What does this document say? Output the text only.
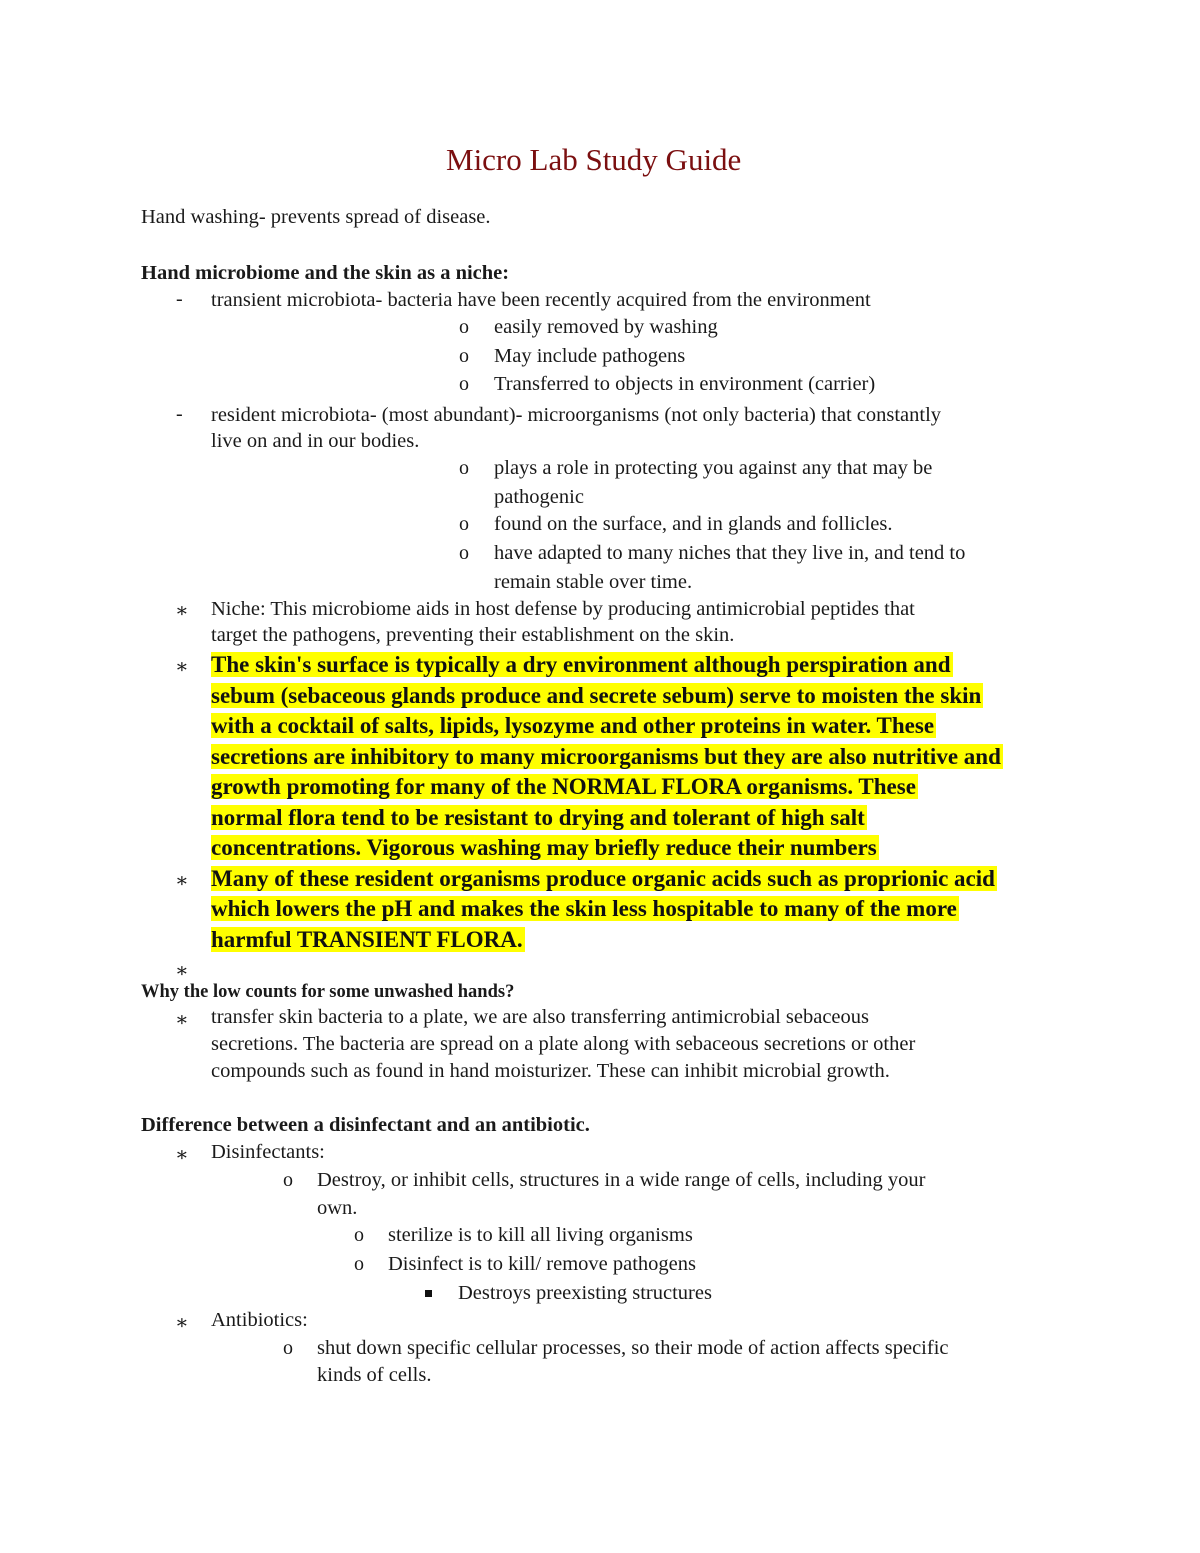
Micro Lab Study Guide
Hand washing- prevents spread of disease.
Hand microbiome and the skin as a niche:
- transient microbiota- bacteria have been recently acquired from the environment
o easily removed by washing
o May include pathogens
o Transferred to objects in environment (carrier)
- resident microbiota- (most abundant)- microorganisms (not only bacteria) that constantly
live on and in our bodies.
o plays a role in protecting you against any that may be
pathogenic
o found on the surface, and in glands and follicles.
o have adapted to many niches that they live in, and tend to
remain stable over time.
∗ Niche: This microbiome aids in host defense by producing antimicrobial peptides that
target the pathogens, preventing their establishment on the skin.
∗ The skin's surface is typically a dry environment although perspiration and
sebum (sebaceous glands produce and secrete sebum) serve to moisten the skin
with a cocktail of salts, lipids, lysozyme and other proteins in water. These
secretions are inhibitory to many microorganisms but they are also nutritive and
growth promoting for many of the NORMAL FLORA organisms. These
normal flora tend to be resistant to drying and tolerant of high salt
concentrations. Vigorous washing may briefly reduce their numbers
∗ Many of these resident organisms produce organic acids such as proprionic acid
which lowers the pH and makes the skin less hospitable to many of the more
harmful TRANSIENT FLORA.
∗
Why the low counts for some unwashed hands?
∗ transfer skin bacteria to a plate, we are also transferring antimicrobial sebaceous
secretions. The bacteria are spread on a plate along with sebaceous secretions or other
compounds such as found in hand moisturizer. These can inhibit microbial growth.
Difference between a disinfectant and an antibiotic.
∗ Disinfectants:
o Destroy, or inhibit cells, structures in a wide range of cells, including your
own.
o sterilize is to kill all living organisms
o Disinfect is to kill/ remove pathogens
Destroys preexisting structures
∗ Antibiotics:
o shut down specific cellular processes, so their mode of action affects specific
kinds of cells.
